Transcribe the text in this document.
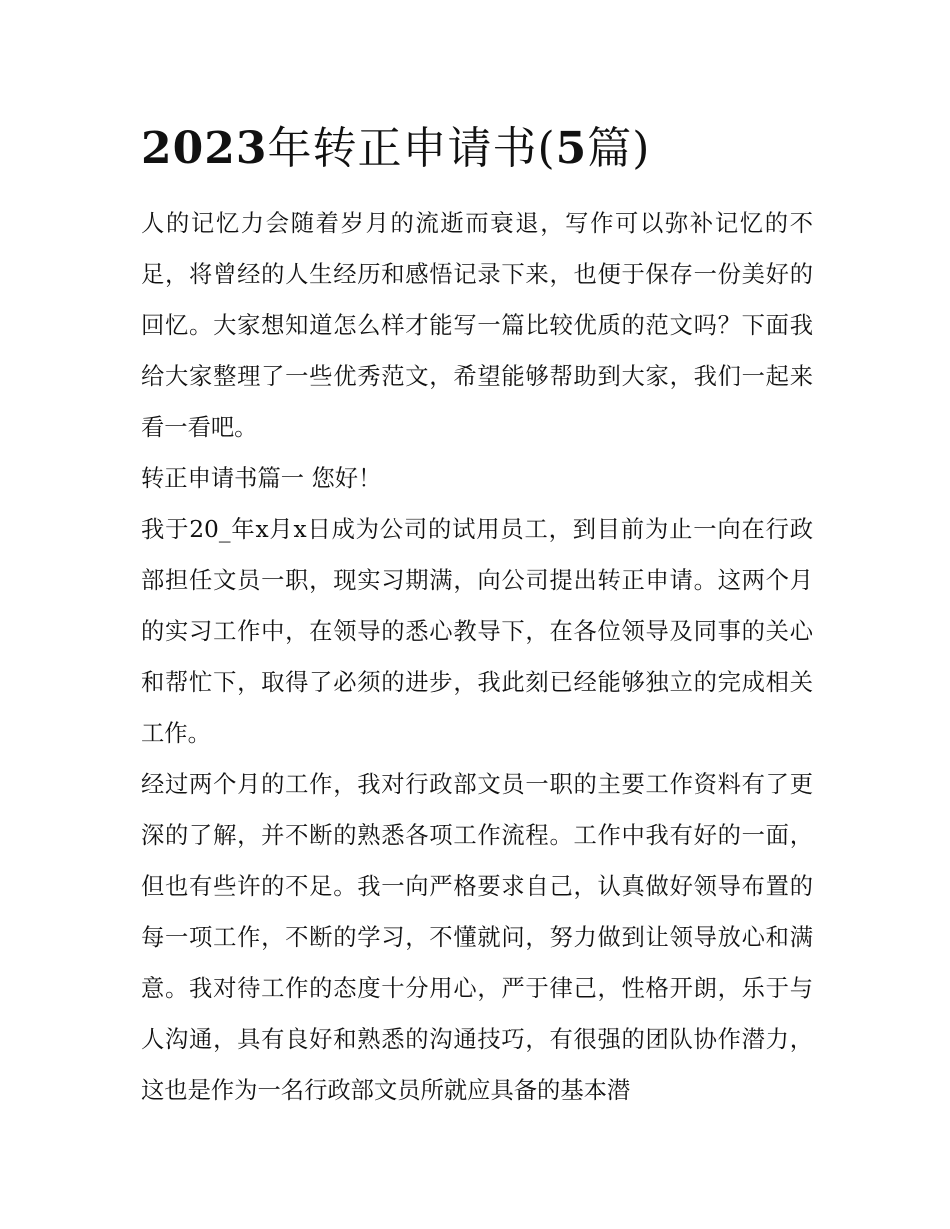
2023年转正申请书(5篇)

人的记忆力会随着岁月的流逝而衰退，写作可以弥补记忆的不足，将曾经的人生经历和感悟记录下来，也便于保存一份美好的回忆。大家想知道怎么样才能写一篇比较优质的范文吗？下面我给大家整理了一些优秀范文，希望能够帮助到大家，我们一起来看一看吧。

转正申请书篇一 您好！

我于20_年x月x日成为公司的试用员工，到目前为止一向在行政部担任文员一职，现实习期满，向公司提出转正申请。这两个月的实习工作中，在领导的悉心教导下，在各位领导及同事的关心和帮忙下，取得了必须的进步，我此刻已经能够独立的完成相关工作。

经过两个月的工作，我对行政部文员一职的主要工作资料有了更深的了解，并不断的熟悉各项工作流程。工作中我有好的一面，但也有些许的不足。我一向严格要求自己，认真做好领导布置的每一项工作，不断的学习，不懂就问，努力做到让领导放心和满意。我对待工作的态度十分用心，严于律己，性格开朗，乐于与人沟通，具有良好和熟悉的沟通技巧，有很强的团队协作潜力，这也是作为一名行政部文员所就应具备的基本潜
